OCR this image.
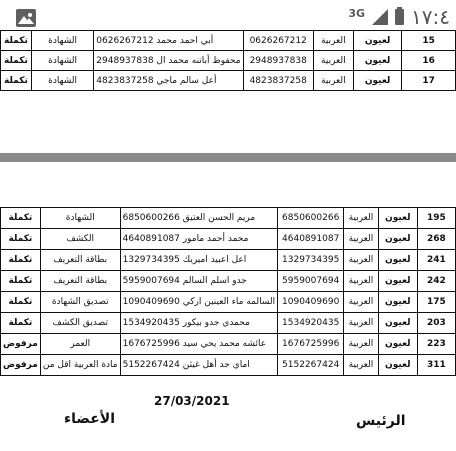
3G ١٧:٤
15	لعيون	العربية	0626267212	0626267212 أبي احمد محمد	الشهادة	تكملة
16	لعيون	العربية	2948937838	2948937838 محفوظ أباتنه محمد ال	الشهادة	تكملة
17	لعيون	العربية	4823837258	4823837258 أعل سالم ماجي	الشهادة	تكملة
195	لعيون	العربية	6850600266	6850600266 مريم الحسن العتيق	الشهادة	تكملة
268	لعيون	العربية	4640891087	4640891087 محمد أحمد مامور	الكشف	تكملة
241	لعيون	العربية	1329734395	1329734395 اعل اعبيد اميريك	بطاقة التعريف	تكملة
242	لعيون	العربية	5959007694	5959007694 جدو اسلم السالم	بطاقة التعريف	تكملة
175	لعيون	العربية	1090409690	1090409690 السالمه ماء العينين اركي	تصديق الشهادة	تكملة
203	لعيون	العربية	1534920435	1534920435 محمدي جدو بيكور	تصديق الكشف	تكملة
223	لعيون	العربية	1676725996	1676725996 عائشه محمد يحي سيد	العمر	مرفوض
311	لعيون	العربية	5152267424	5152267424 اماي جد أهل غيثن	مادة العربية اقل من	مرفوض
27/03/2021
الأعضاء	الرئيس
